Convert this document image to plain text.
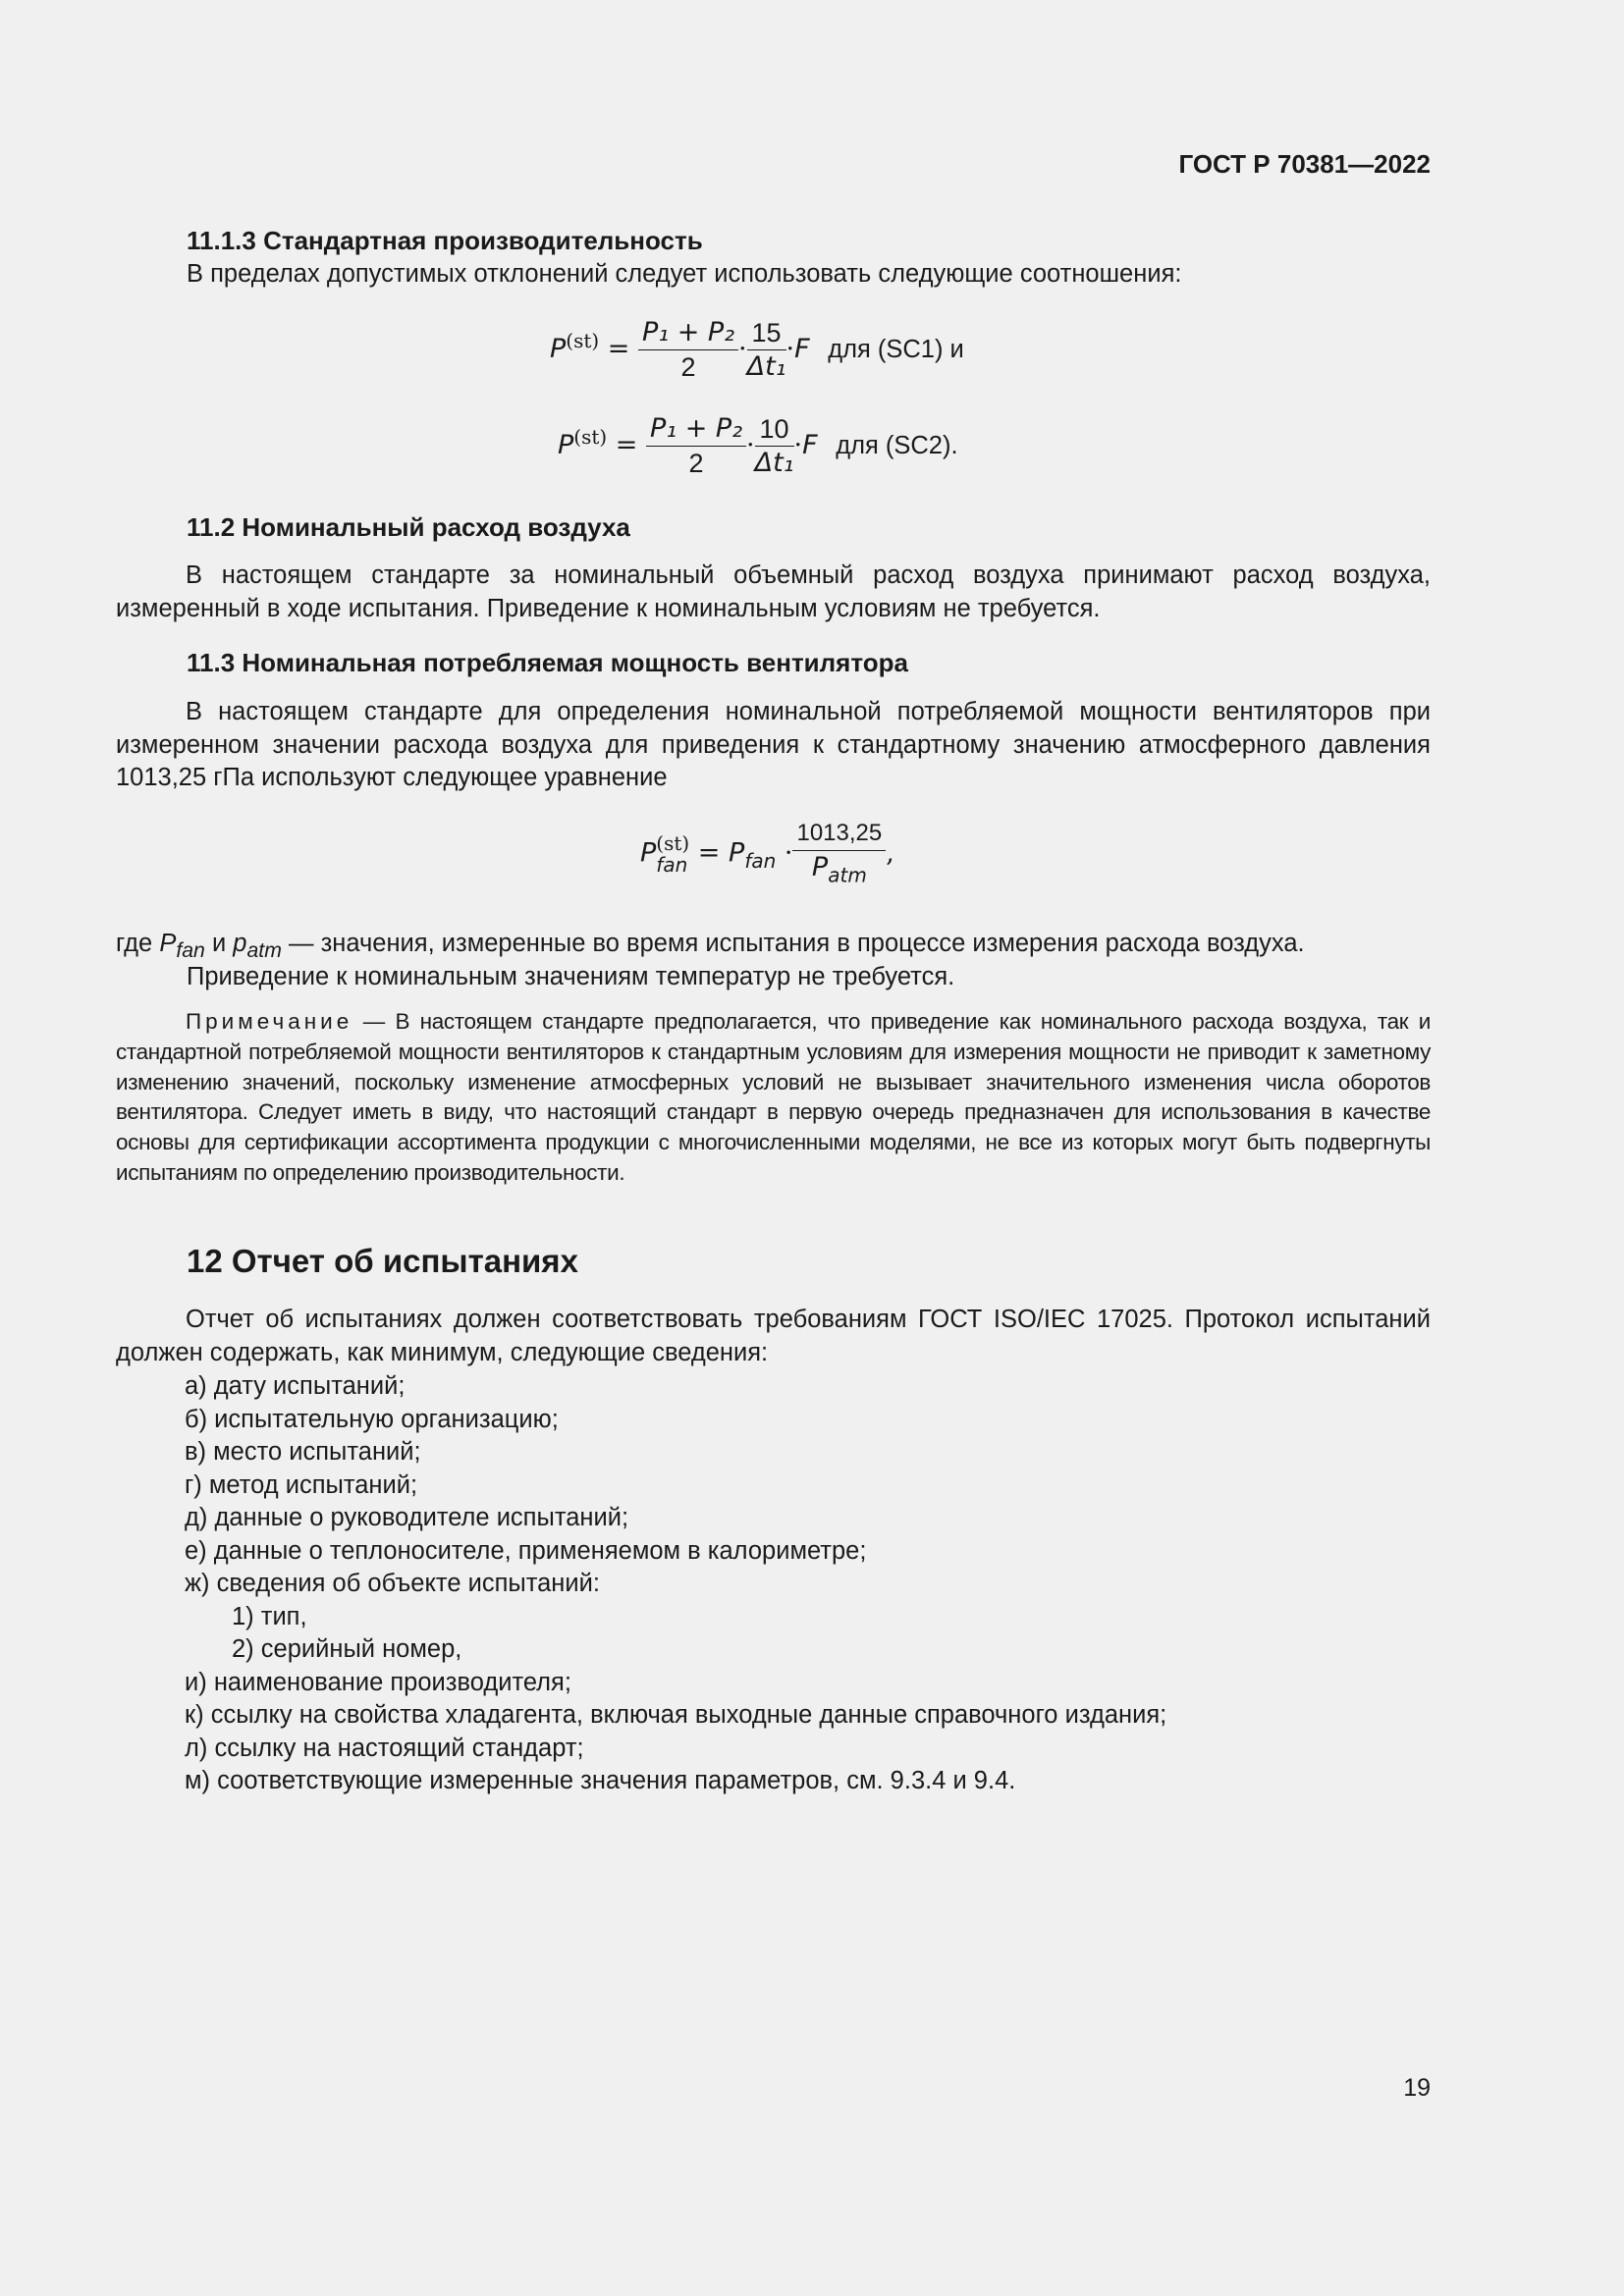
ГОСТ Р 70381—2022
11.1.3 Стандартная производительность
В пределах допустимых отклонений следует использовать следующие соотношения:
$P^{(st)} = \frac{\text{P₁ + P₂}}{2} \cdot \frac{15}{\text{Δt₁}} \cdot F$ для (SC1) и
$P^{(st)} = \frac{\text{P₁ + P₂}}{2} \cdot \frac{10}{\text{Δt₁}} \cdot F$ для (SC2).
11.2 Номинальный расход воздуха
В настоящем стандарте за номинальный объемный расход воздуха принимают расход воздуха, измеренный в ходе испытания. Приведение к номинальным условиям не требуется.
11.3 Номинальная потребляемая мощность вентилятора
В настоящем стандарте для определения номинальной потребляемой мощности вентиляторов при измеренном значении расхода воздуха для приведения к стандартному значению атмосферного давления 1013,25 гПа используют следующее уравнение
P (st)
fan = $P_{fan} \cdot \frac{1013,25}{P_{atm}}$ ,
где $P_{fan}$ и $p_{atm}$ — значения, измеренные во время испытания в процессе измерения расхода воздуха.
Приведение к номинальным значениям температур не требуется.
Примечание — В настоящем стандарте предполагается, что приведение как номинального расхода воздуха, так и стандартной потребляемой мощности вентиляторов к стандартным условиям для измерения мощности не приводит к заметному изменению значений, поскольку изменение атмосферных условий не вызывает значительного изменения числа оборотов вентилятора. Следует иметь в виду, что настоящий стандарт в первую очередь предназначен для использования в качестве основы для сертификации ассортимента продукции с многочисленными моделями, не все из которых могут быть подвергнуты испытаниям по определению производительности.
12 Отчет об испытаниях
Отчет об испытаниях должен соответствовать требованиям ГОСТ ISO/IEC 17025. Протокол испытаний должен содержать, как минимум, следующие сведения:
а) дату испытаний;
б) испытательную организацию;
в) место испытаний;
г) метод испытаний;
д) данные о руководителе испытаний;
е) данные о теплоносителе, применяемом в калориметре;
ж) сведения об объекте испытаний:
1) тип,
2) серийный номер,
и) наименование производителя;
к) ссылку на свойства хладагента, включая выходные данные справочного издания;
л) ссылку на настоящий стандарт;
м) соответствующие измеренные значения параметров, см. 9.3.4 и 9.4.
19
